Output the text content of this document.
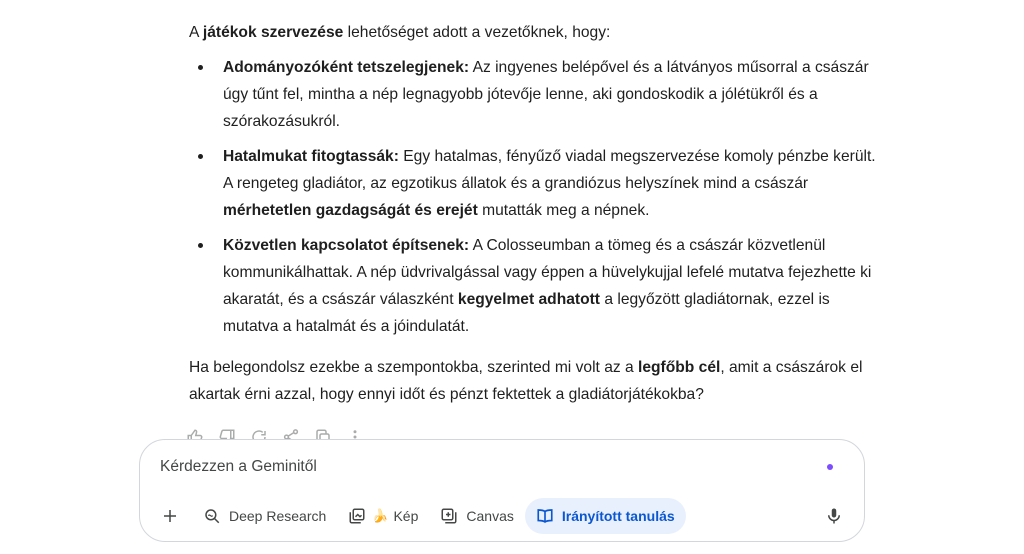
A játékok szervezése lehetőséget adott a vezetőknek, hogy:

Adományozóként tetszelegjenek: Az ingyenes belépővel és a látványos műsorral a császár úgy tűnt fel, mintha a nép legnagyobb jótevője lenne, aki gondoskodik a jólétükről és a szórakozásukról.
Hatalmukat fitogtassák: Egy hatalmas, fényűző viadal megszervezése komoly pénzbe került. A rengeteg gladiátor, az egzotikus állatok és a grandiózus helyszínek mind a császár mérhetetlen gazdagságát és erejét mutatták meg a népnek.
Közvetlen kapcsolatot építsenek: A Colosseumban a tömeg és a császár közvetlenül kommunikálhattak. A nép üdvrivalgással vagy éppen a hüvelykujjal lefelé mutatva fejezhette ki akaratát, és a császár válaszként kegyelmet adhatott a legyőzött gladiátornak, ezzel is mutatva a hatalmát és a jóindulatát.

Ha belegondolsz ezekbe a szempontokba, szerinted mi volt az a legfőbb cél, amit a császárok el akartak érni azzal, hogy ennyi időt és pénzt fektettek a gladiátorjátékokba?

Kérdezzen a Geminitől
Deep Research	🍌 Kép	Canvas	Irányított tanulás
